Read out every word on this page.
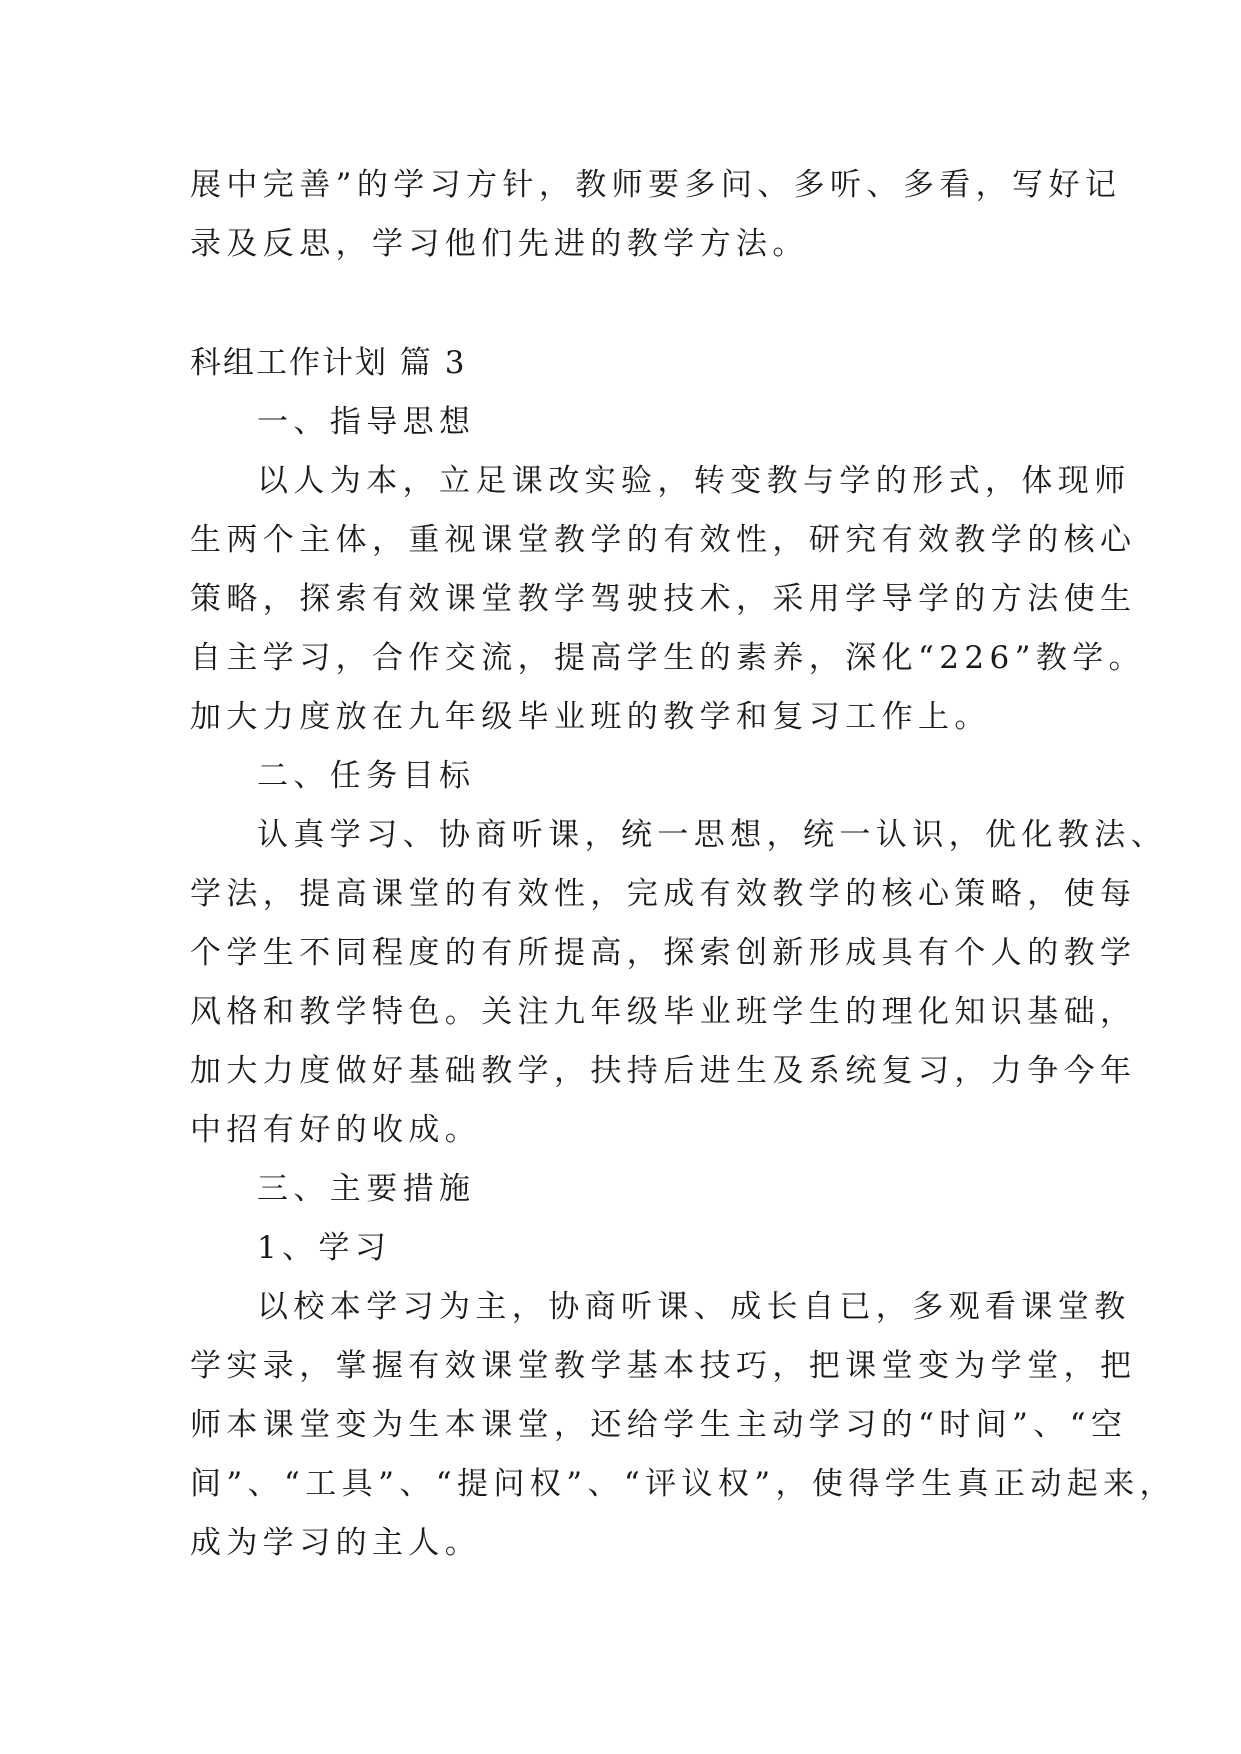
展中完善”的学习方针，教师要多问、多听、多看，写好记
录及反思，学习他们先进的教学方法。
科组工作计划 篇 3
一、指导思想
以人为本，立足课改实验，转变教与学的形式，体现师
生两个主体，重视课堂教学的有效性，研究有效教学的核心
策略，探索有效课堂教学驾驶技术，采用学导学的方法使生
自主学习，合作交流，提高学生的素养，深化“226”教学。
加大力度放在九年级毕业班的教学和复习工作上。
二、任务目标
认真学习、协商听课，统一思想，统一认识，优化教法、
学法，提高课堂的有效性，完成有效教学的核心策略，使每
个学生不同程度的有所提高，探索创新形成具有个人的教学
风格和教学特色。关注九年级毕业班学生的理化知识基础，
加大力度做好基础教学，扶持后进生及系统复习，力争今年
中招有好的收成。
三、主要措施
1、学习
以校本学习为主，协商听课、成长自已，多观看课堂教
学实录，掌握有效课堂教学基本技巧，把课堂变为学堂，把
师本课堂变为生本课堂，还给学生主动学习的“时间”、“空
间”、“工具”、“提问权”、“评议权”，使得学生真正动起来，
成为学习的主人。
